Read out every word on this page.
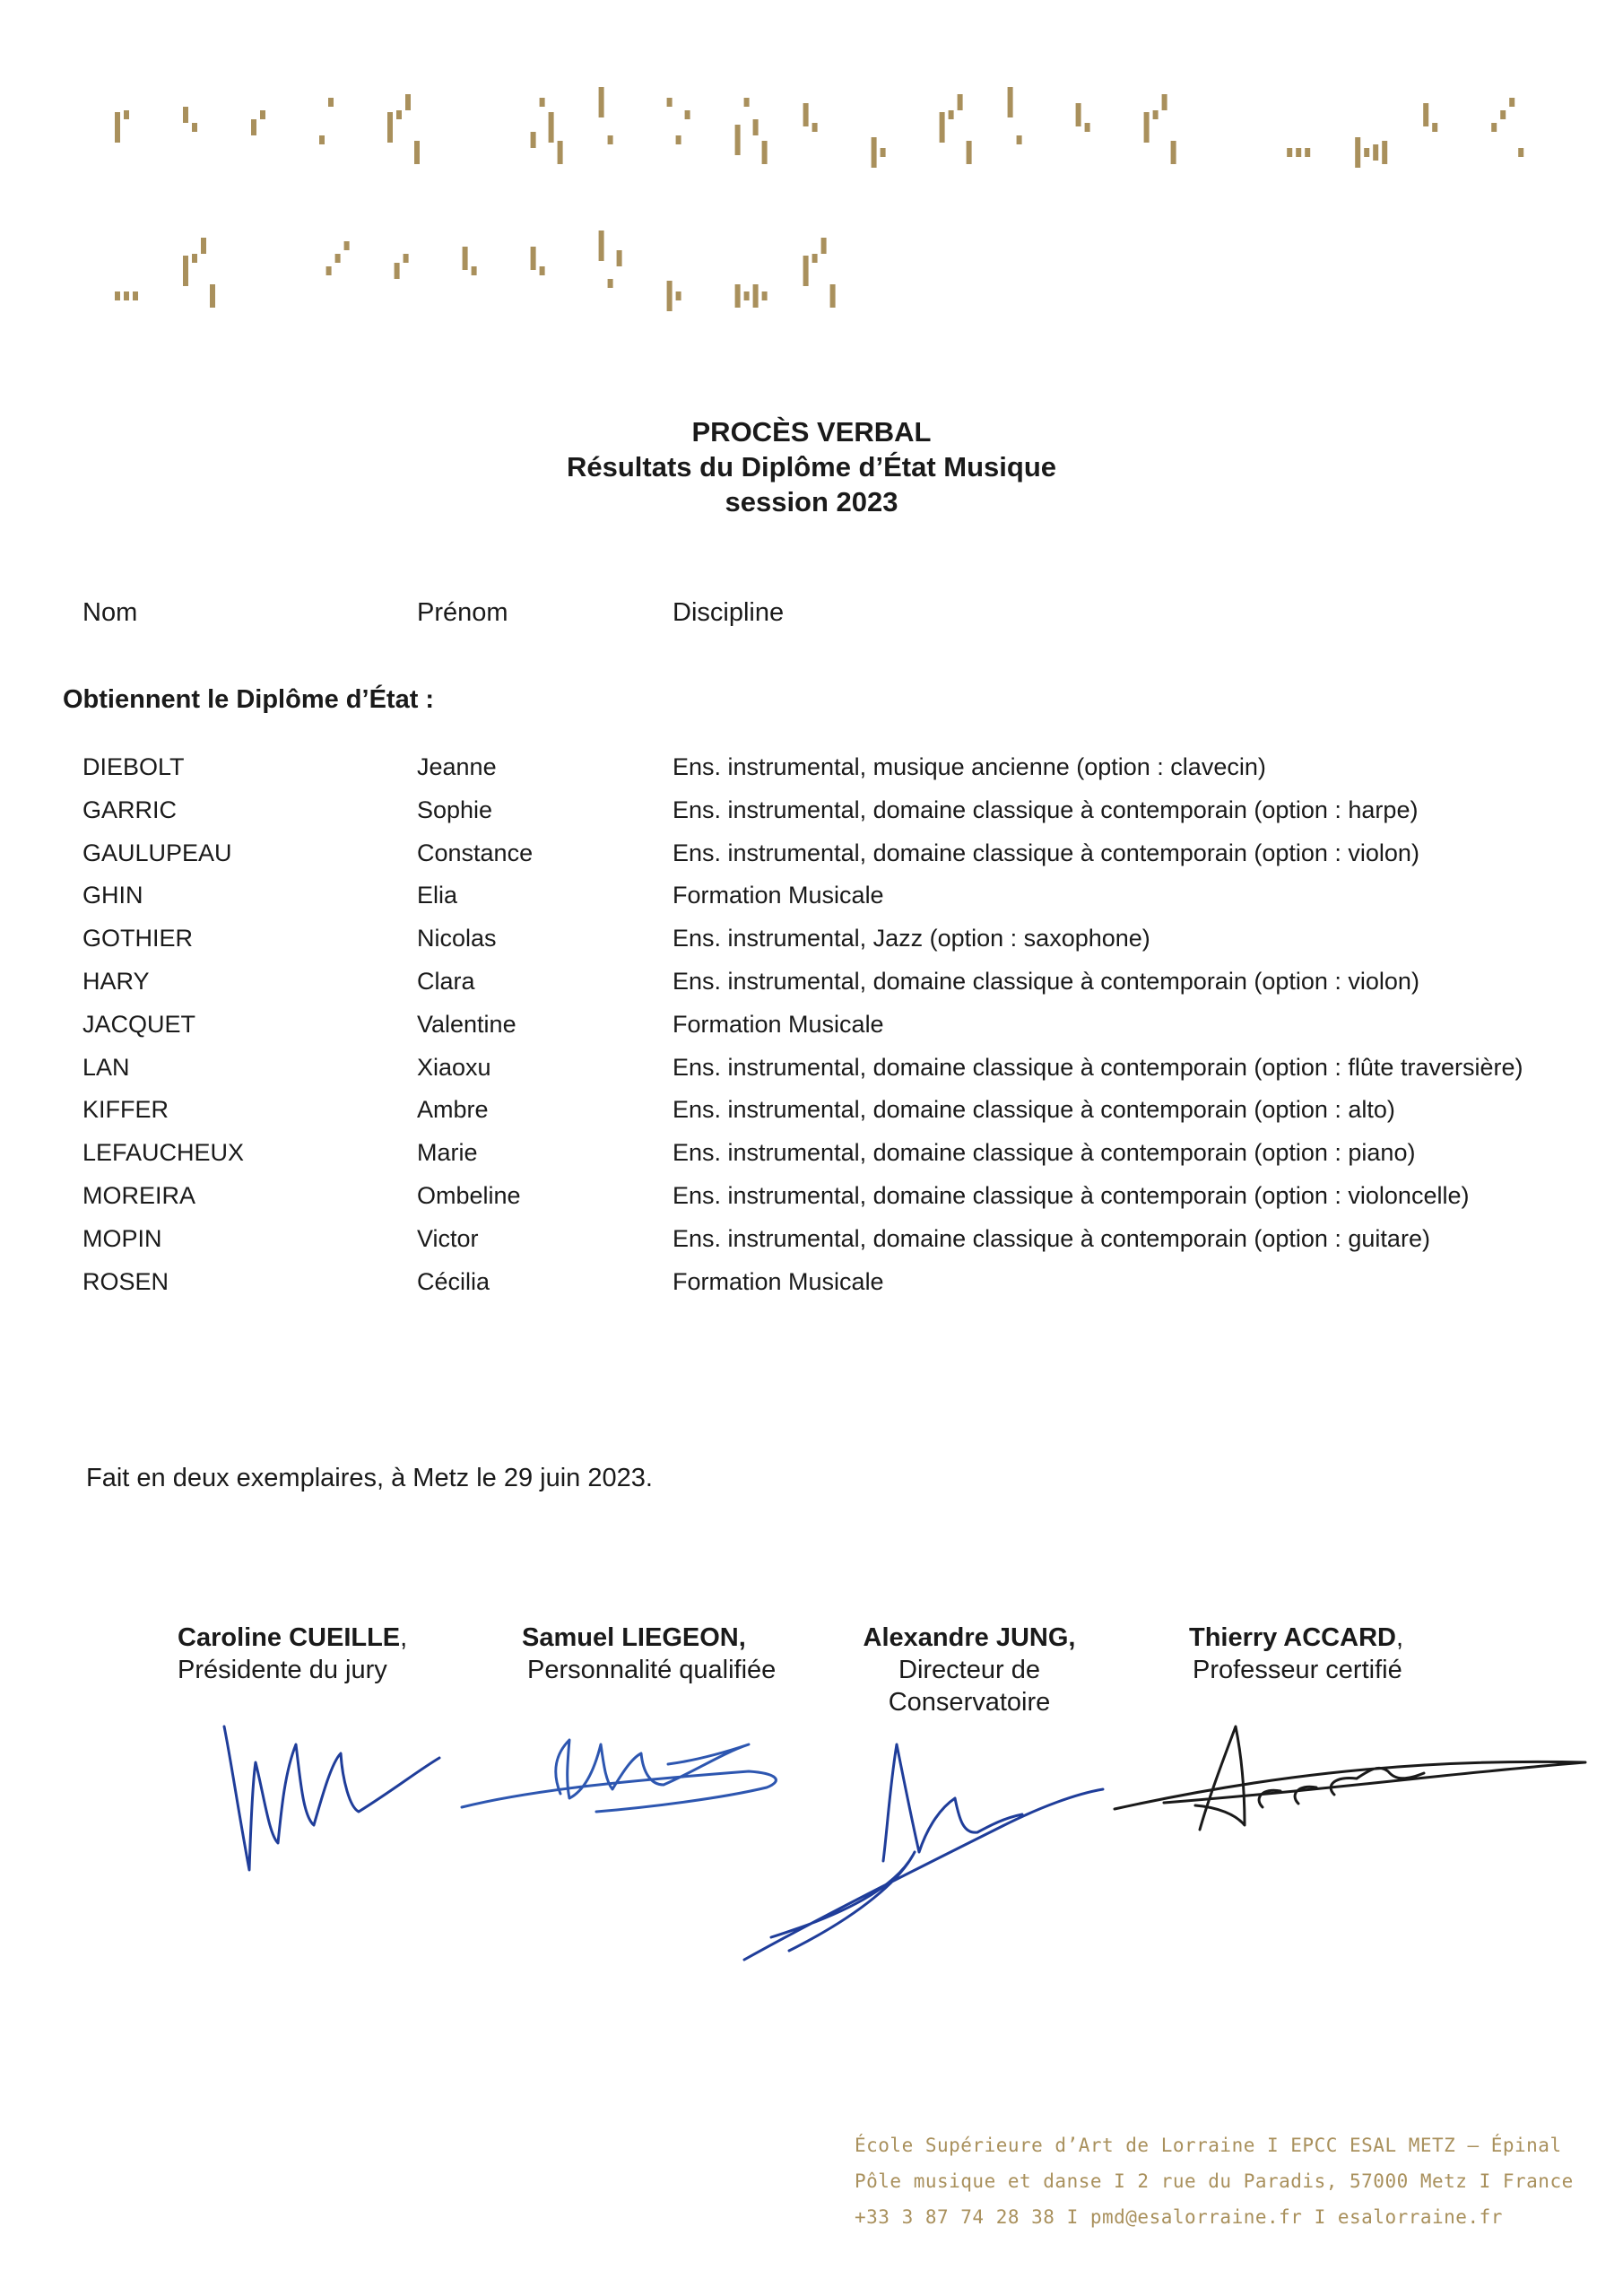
PROCÈS VERBAL
Résultats du Diplôme d’État Musique
session 2023
Nom	Prénom	Discipline
Obtiennent le Diplôme d’État :
DIEBOLT	Jeanne	Ens. instrumental, musique ancienne (option : clavecin)
GARRIC	Sophie	Ens. instrumental, domaine classique à contemporain (option : harpe)
GAULUPEAU	Constance	Ens. instrumental, domaine classique à contemporain (option : violon)
GHIN	Elia	Formation Musicale
GOTHIER	Nicolas	Ens. instrumental, Jazz (option : saxophone)
HARY	Clara	Ens. instrumental, domaine classique à contemporain (option : violon)
JACQUET	Valentine	Formation Musicale
LAN	Xiaoxu	Ens. instrumental, domaine classique à contemporain (option : flûte traversière)
KIFFER	Ambre	Ens. instrumental, domaine classique à contemporain (option : alto)
LEFAUCHEUX	Marie	Ens. instrumental, domaine classique à contemporain (option : piano)
MOREIRA	Ombeline	Ens. instrumental, domaine classique à contemporain (option : violoncelle)
MOPIN	Victor	Ens. instrumental, domaine classique à contemporain (option : guitare)
ROSEN	Cécilia	Formation Musicale
Fait en deux exemplaires, à Metz le 29 juin 2023.
Caroline CUEILLE,
Présidente du jury
Samuel LIEGEON,
Personnalité qualifiée
Alexandre JUNG,
Directeur de
Conservatoire
Thierry ACCARD,
Professeur certifié
École Supérieure d’Art de Lorraine I EPCC ESAL METZ – Épinal
Pôle musique et danse I 2 rue du Paradis, 57000 Metz I France
+33 3 87 74 28 38 I pmd@esalorraine.fr I esalorraine.fr
